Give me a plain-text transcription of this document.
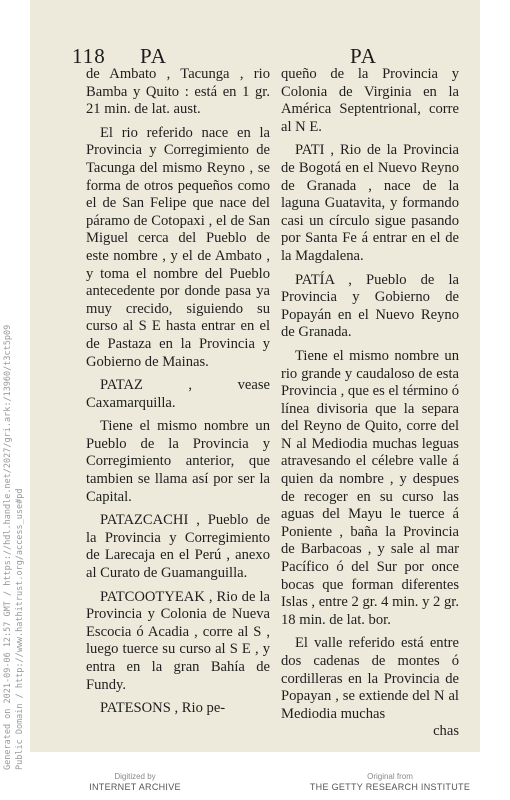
Generated on 2021-09-06 12:57 GMT / https://hdl.handle.net/2027/gri.ark:/13960/t3ct5p09 Public Domain / http://www.hathitrust.org/access_use#pd
118 PA	PA

de Ambato , Tacunga , rio Bamba y Quito : está en 1 gr. 21 min. de lat. aust.

El rio referido nace en la Provincia y Corregimiento de Tacunga del mismo Reyno , se forma de otros pequeños como el de San Felipe que nace del páramo de Cotopaxi , el de San Miguel cerca del Pueblo de este nombre , y el de Ambato , y toma el nombre del Pueblo antecedente por donde pasa ya muy crecido, siguiendo su curso al S E hasta entrar en el de Pastaza en la Provincia y Gobierno de Mainas.

PATAZ , vease Caxamarquilla.

Tiene el mismo nombre un Pueblo de la Provincia y Corregimiento anterior, que tambien se llama así por ser la Capital.

PATAZCACHI , Pueblo de la Provincia y Corregimiento de Larecaja en el Perú , anexo al Curato de Guamanguilla.

PATCOOTYEAK , Rio de la Provincia y Colonia de Nueva Escocia ó Acadia , corre al S , luego tuerce su curso al S E , y entra en la gran Bahía de Fundy.

PATESONS , Rio pe-

queño de la Provincia y Colonia de Virginia en la América Septentrional, corre al N E.

PATI , Rio de la Provincia de Bogotá en el Nuevo Reyno de Granada , nace de la laguna Guatavita, y formando casi un círculo sigue pasando por Santa Fe á entrar en el de la Magdalena.

PATÍA , Pueblo de la Provincia y Gobierno de Popayán en el Nuevo Reyno de Granada.

Tiene el mismo nombre un rio grande y caudaloso de esta Provincia , que es el término ó línea divisoria que la separa del Reyno de Quito, corre del N al Mediodia muchas leguas atravesando el célebre valle á quien da nombre , y despues de recoger en su curso las aguas del Mayu le tuerce á Poniente , baña la Provincia de Barbacoas , y sale al mar Pacífico ó del Sur por once bocas que forman diferentes Islas , entre 2 gr. 4 min. y 2 gr. 18 min. de lat. bor.

El valle referido está entre dos cadenas de montes ó cordilleras en la Provincia de Popayan , se extiende del N al Mediodia muchas

chas
Digitized by
INTERNET ARCHIVE
Original from
THE GETTY RESEARCH INSTITUTE
